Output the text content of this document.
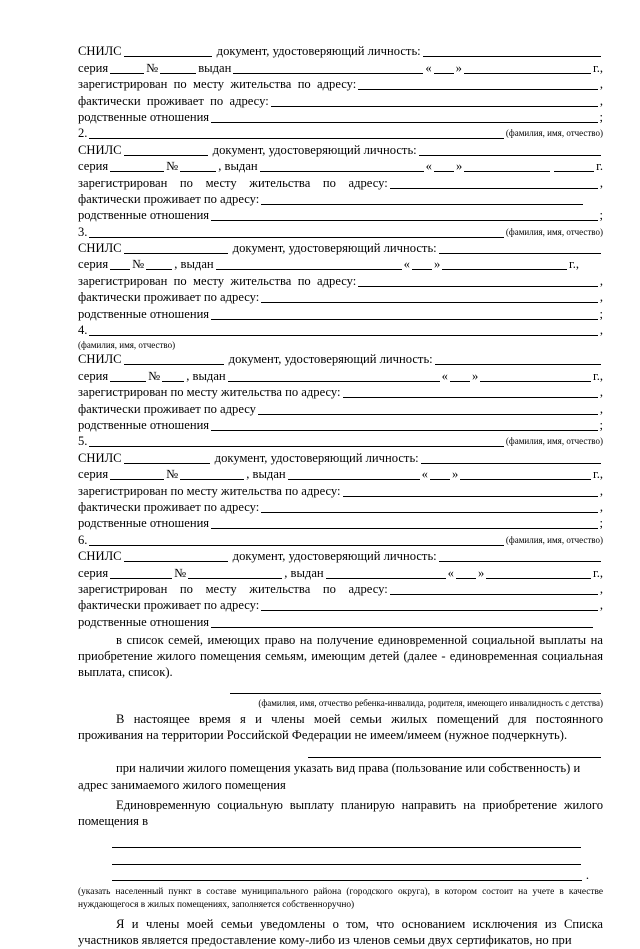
СНИЛС	документ, удостоверяющий личность:
серия	№	выдан	« »	г.,
зарегистрирован  по  месту  жительства  по  адресу:	,
фактически  проживает  по  адресу:	,
родственные отношения	;
2.	(фамилия, имя, отчество)
СНИЛС	документ, удостоверяющий личность:
серия	№	, выдан	« »	г.
зарегистрирован    по    месту    жительства    по    адресу:	,
фактически проживает по адресу:
родственные отношения	;
3.	(фамилия, имя, отчество)
СНИЛС	документ, удостоверяющий личность:
серия № , выдан	« »	г.,
зарегистрирован  по  месту  жительства  по  адресу:	,
фактически проживает по адресу:	,
родственные отношения	;
4.	,
(фамилия, имя, отчество)
СНИЛС	документ, удостоверяющий личность:
серия	№ , выдан	« »	г.,
зарегистрирован по месту жительства по адресу:	,
фактически проживает по адресу	,
родственные отношения	;
5.	(фамилия, имя, отчество)
СНИЛС	документ, удостоверяющий личность:
серия	№	, выдан	« »	г.,
зарегистрирован по месту жительства по адресу:	,
фактически проживает по адресу:	,
родственные отношения	;
6.	(фамилия, имя, отчество)
СНИЛС	документ, удостоверяющий личность:
серия	№	, выдан	« »	г.,
зарегистрирован    по    месту    жительства    по    адресу:	,
фактически проживает по адресу:	,
родственные отношения
в список семей, имеющих право на получение единовременной социальной выплаты на приобретение жилого помещения семьям, имеющим детей (далее - единовременная социальная выплата, список).
(фамилия, имя, отчество ребенка-инвалида, родителя, имеющего инвалидность с детства)
В настоящее время я и члены моей семьи жилых помещений для постоянного проживания на территории Российской Федерации не имеем/имеем (нужное подчеркнуть).
при наличии жилого помещения указать вид права (пользование или собственность) и
адрес занимаемого жилого помещения
Единовременную социальную выплату планирую направить на приобретение жилого помещения в
.
(указать населенный пункт в составе муниципального района (городского округа), в котором состоит на учете в качестве нуждающегося в жилых помещениях, заполняется собственноручно)
Я и члены моей семьи уведомлены о том, что основанием исключения из Списка участников является предоставление кому-либо из членов семьи двух сертификатов, но при
